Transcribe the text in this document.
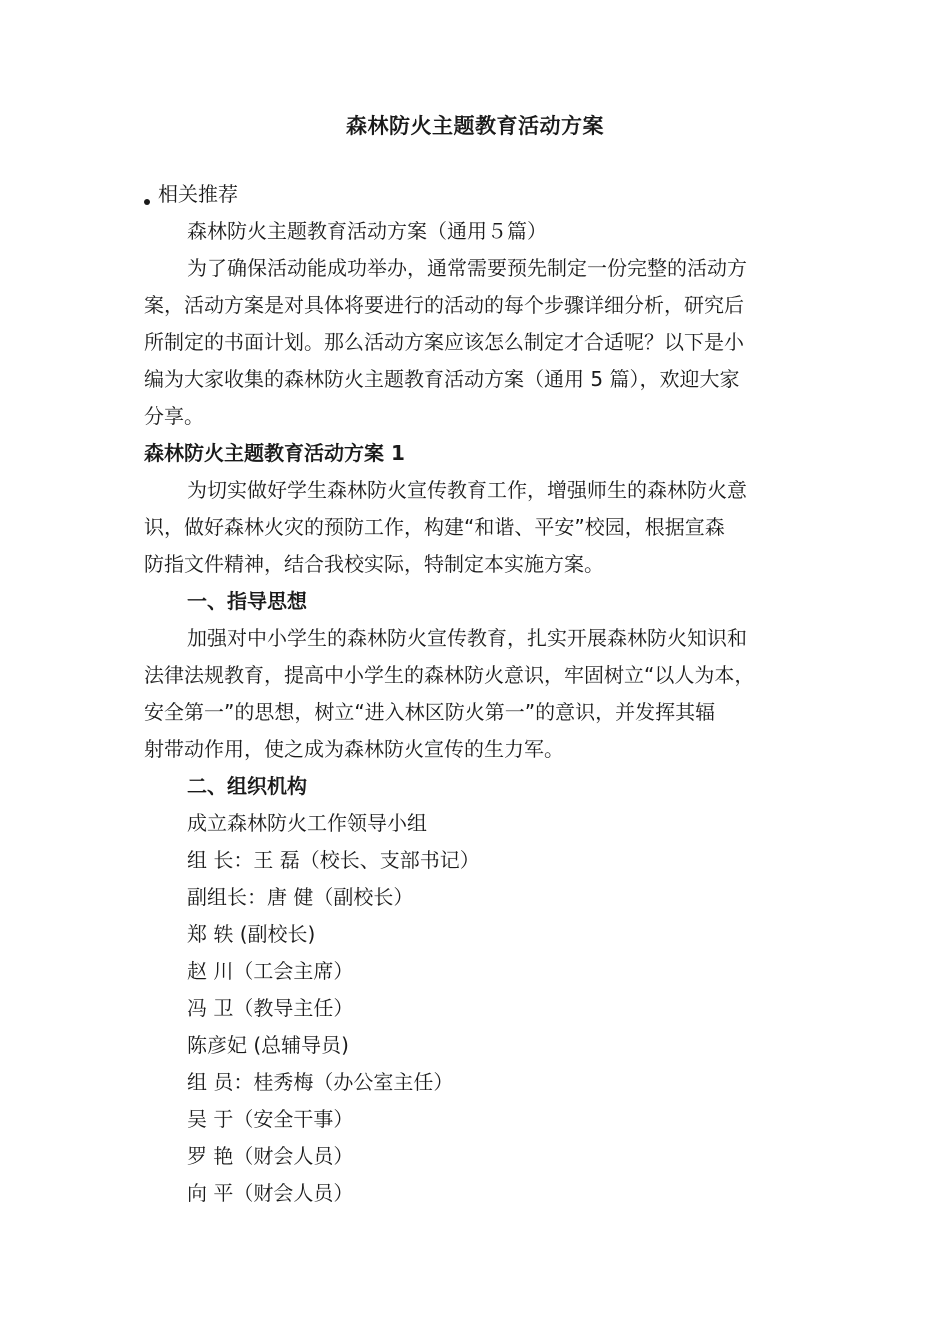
森林防火主题教育活动方案
相关推荐
森林防火主题教育活动方案（通用５篇）
为了确保活动能成功举办，通常需要预先制定一份完整的活动方
案，活动方案是对具体将要进行的活动的每个步骤详细分析，研究后
所制定的书面计划。那么活动方案应该怎么制定才合适呢？以下是小
编为大家收集的森林防火主题教育活动方案（通用 5 篇），欢迎大家
分享。
森林防火主题教育活动方案 1
为切实做好学生森林防火宣传教育工作，增强师生的森林防火意
识，做好森林火灾的预防工作，构建“和谐、平安”校园，根据宣森
防指文件精神，结合我校实际，特制定本实施方案。
一、指导思想
加强对中小学生的森林防火宣传教育，扎实开展森林防火知识和
法律法规教育，提高中小学生的森林防火意识，牢固树立“以人为本，
安全第一”的思想，树立“进入林区防火第一”的意识，并发挥其辐
射带动作用，使之成为森林防火宣传的生力军。
二、组织机构
成立森林防火工作领导小组
组 长：王 磊（校长、支部书记）
副组长：唐 健（副校长）
郑 轶 (副校长)
赵 川（工会主席）
冯 卫（教导主任）
陈彦妃 (总辅导员)
组 员：桂秀梅（办公室主任）
吴 于（安全干事）
罗 艳（财会人员）
向 平（财会人员）
